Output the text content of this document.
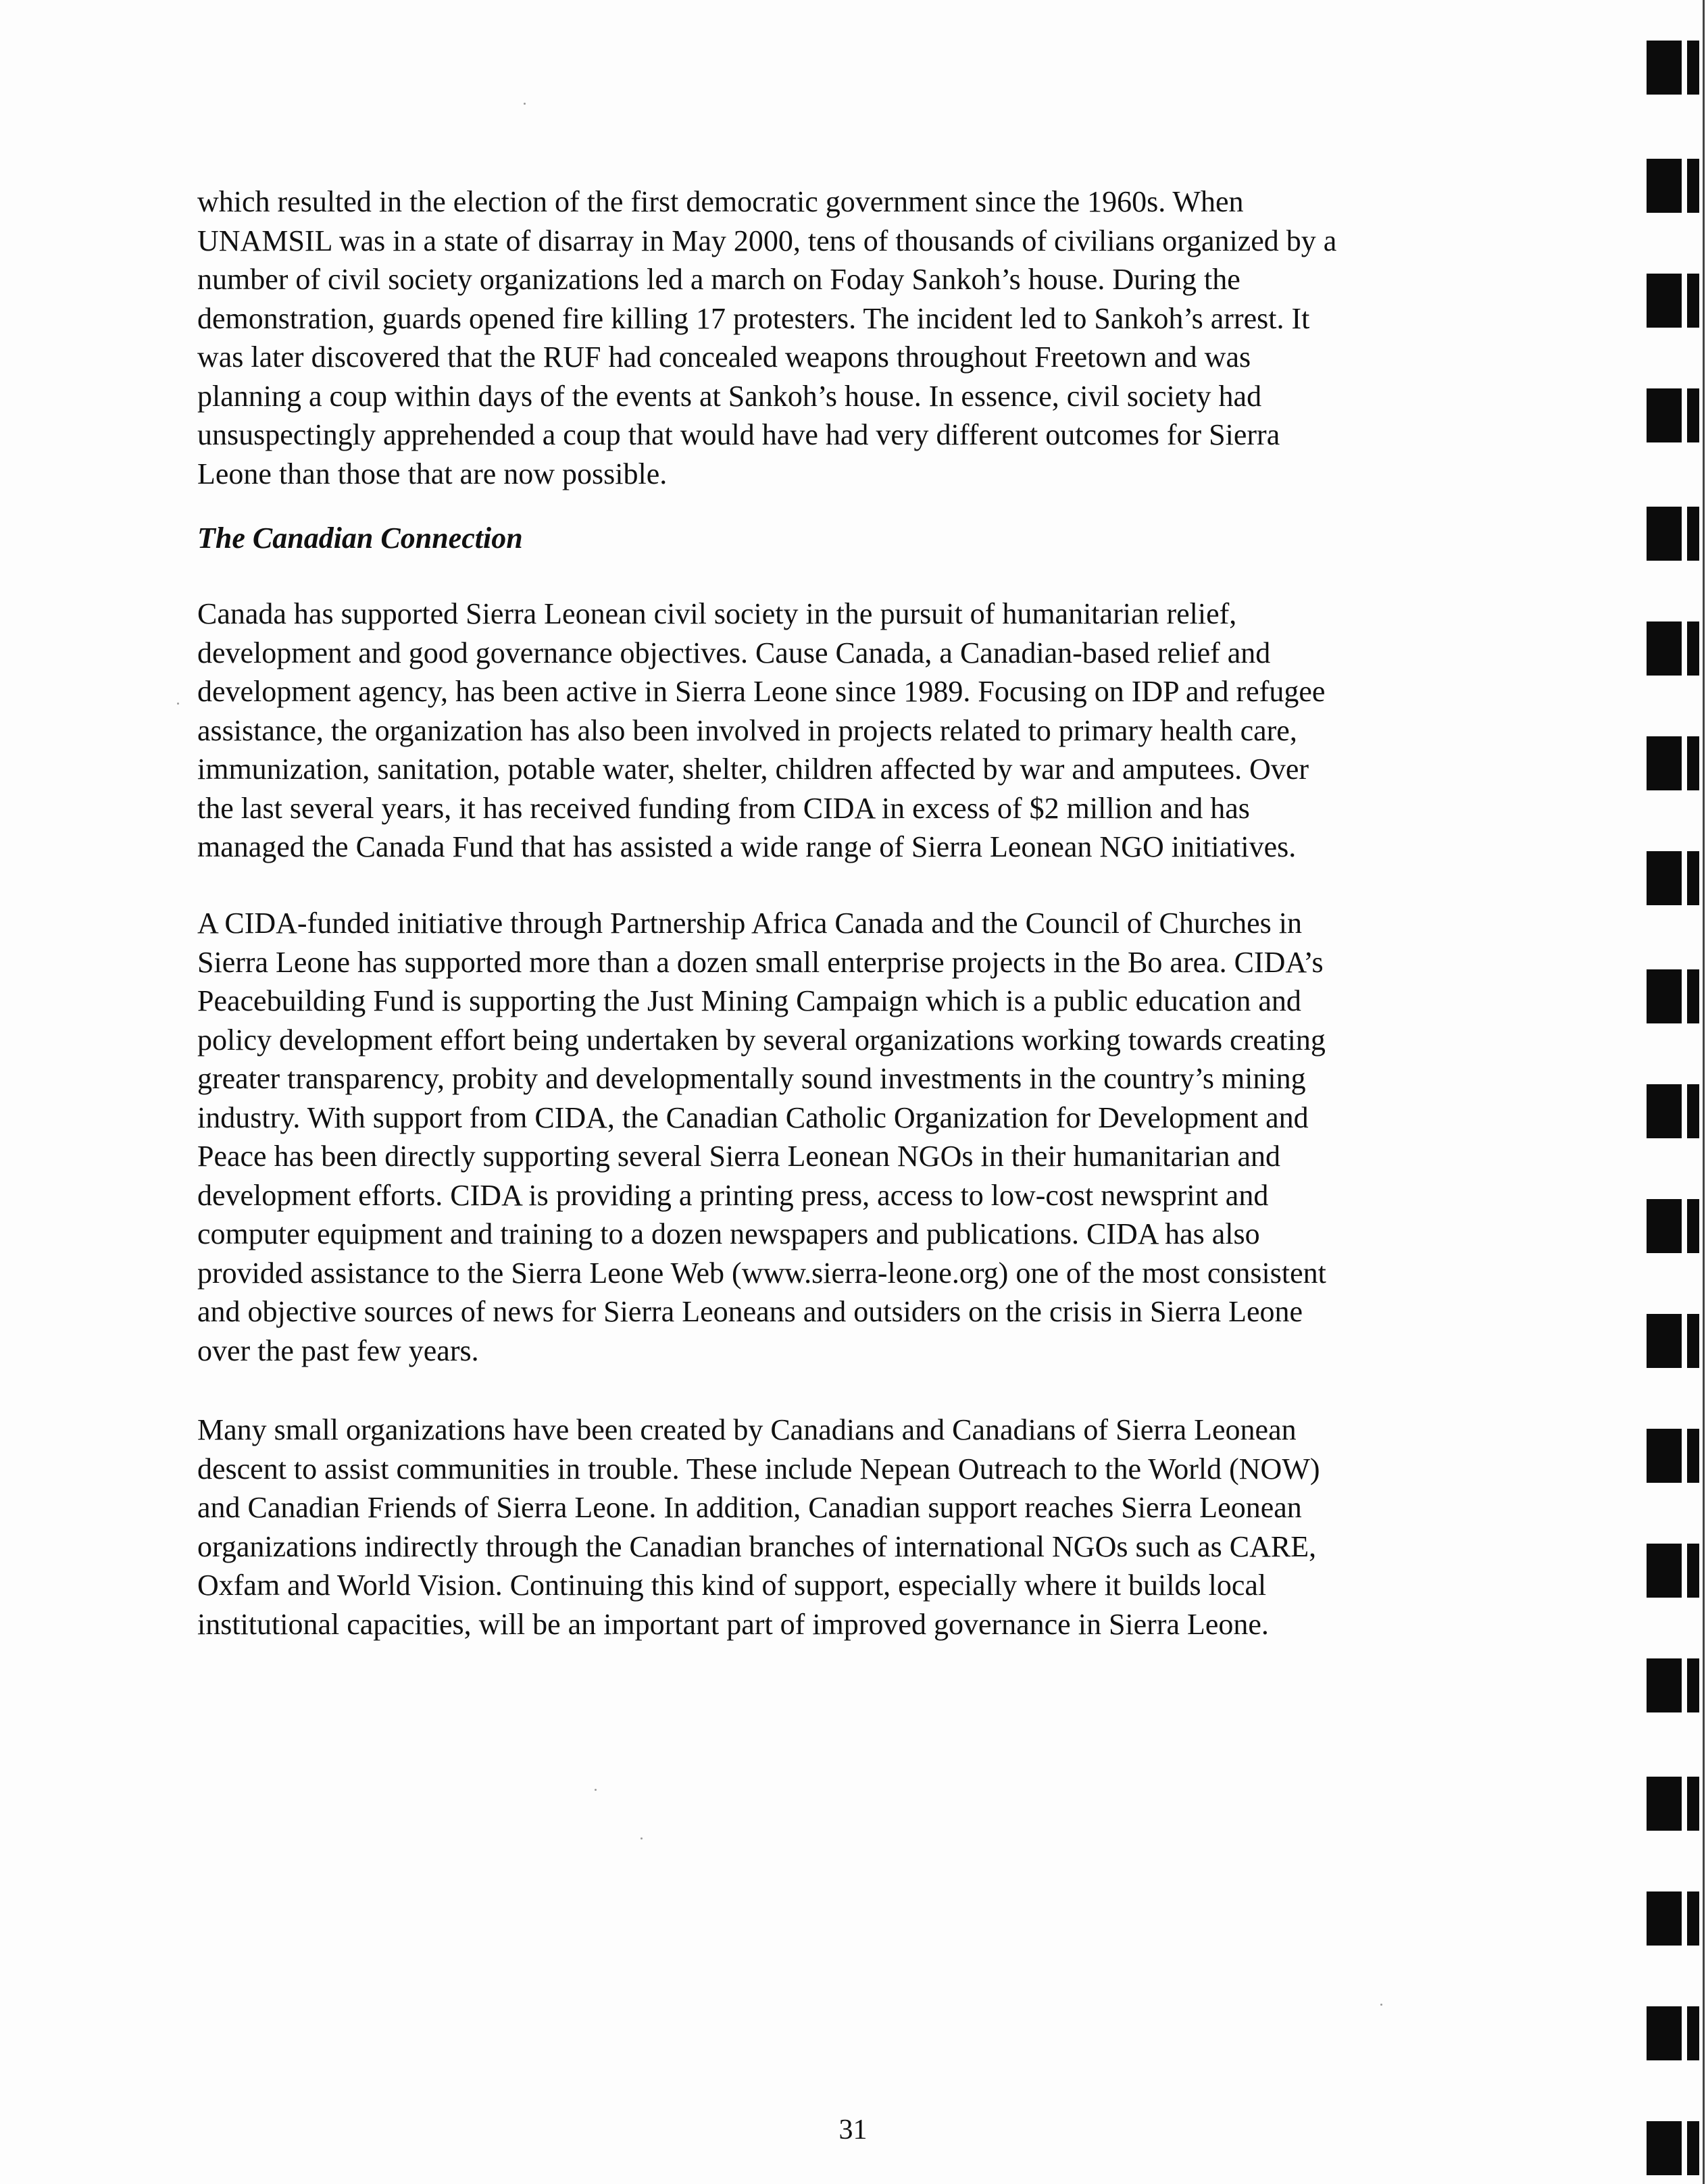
which resulted in the election of the first democratic government since the 1960s. When

UNAMSIL was in a state of disarray in May 2000, tens of thousands of civilians organized by a

number of civil society organizations led a march on Foday Sankoh’s house. During the

demonstration, guards opened fire killing 17 protesters. The incident led to Sankoh’s arrest. It

was later discovered that the RUF had concealed weapons throughout Freetown and was

planning a coup within days of the events at Sankoh’s house. In essence, civil society had

unsuspectingly apprehended a coup that would have had very different outcomes for Sierra

Leone than those that are now possible.

The Canadian Connection

Canada has supported Sierra Leonean civil society in the pursuit of humanitarian relief,

development and good governance objectives. Cause Canada, a Canadian-based relief and

development agency, has been active in Sierra Leone since 1989. Focusing on IDP and refugee

assistance, the organization has also been involved in projects related to primary health care,

immunization, sanitation, potable water, shelter, children affected by war and amputees. Over

the last several years, it has received funding from CIDA in excess of $2 million and has

managed the Canada Fund that has assisted a wide range of Sierra Leonean NGO initiatives.

A CIDA-funded initiative through Partnership Africa Canada and the Council of Churches in

Sierra Leone has supported more than a dozen small enterprise projects in the Bo area. CIDA’s

Peacebuilding Fund is supporting the Just Mining Campaign which is a public education and

policy development effort being undertaken by several organizations working towards creating

greater transparency, probity and developmentally sound investments in the country’s mining

industry. With support from CIDA, the Canadian Catholic Organization for Development and

Peace has been directly supporting several Sierra Leonean NGOs in their humanitarian and

development efforts. CIDA is providing a printing press, access to low-cost newsprint and

computer equipment and training to a dozen newspapers and publications. CIDA has also

provided assistance to the Sierra Leone Web (www.sierra-leone.org) one of the most consistent

and objective sources of news for Sierra Leoneans and outsiders on the crisis in Sierra Leone

over the past few years.

Many small organizations have been created by Canadians and Canadians of Sierra Leonean

descent to assist communities in trouble. These include Nepean Outreach to the World (NOW)

and Canadian Friends of Sierra Leone. In addition, Canadian support reaches Sierra Leonean

organizations indirectly through the Canadian branches of international NGOs such as CARE,

Oxfam and World Vision. Continuing this kind of support, especially where it builds local

institutional capacities, will be an important part of improved governance in Sierra Leone.

31
